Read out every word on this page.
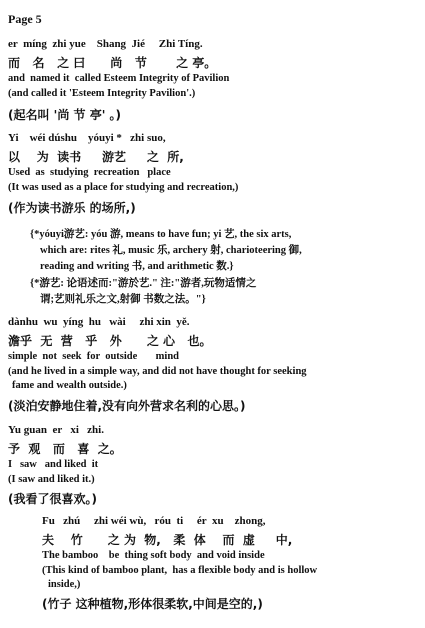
Page 5
er  míng  zhi yue    Shang  Jié     Zhi Tíng.
而   名   之 曰      尚   节       之 亭。
and  named it  called Esteem Integrity of Pavilion
(and called it 'Esteem Integrity Pavilion'.)
(起名叫 '尚 节 亭' 。)
Yi    wéi dúshu    yóuyi *   zhi suo,
以    为  读书     游艺     之  所,
Used  as  studying  recreation   place
(It was used as a place for studying and recreation,)
(作为读书游乐 的场所,)
{*yóuyi游艺: yóu 游, means to have fun; yi 艺, the six arts,
which are: rites 礼, music 乐, archery 射, charioteering 御,
reading and writing 书, and arithmetic 数.}
{*游艺: 论语述而:"游於艺." 注:"游者,玩物适情之
谓;艺则礼乐之文,射御 书数之法。"}
dànhu  wu  yíng  hu   wài     zhi xin  yě.
澹乎  无  营   乎   外      之 心   也。
simple  not  seek  for  outside       mind
(and he lived in a simple way, and did not have thought for seeking
fame and wealth outside.)
(淡泊安静地住着,没有向外营求名利的心思。)
Yu guan  er   xi   zhi.
予  观   而   喜  之。
I   saw   and liked  it
(I saw and liked it.)
(我看了很喜欢。)
Fu   zhú     zhi wéi wù,   róu  ti     ér  xu    zhong,
夫    竹      之 为  物,   柔  体    而  虚     中,
The bamboo    be  thing soft body  and void inside
(This kind of bamboo plant,  has a flexible body and is hollow
inside,)
(竹子 这种植物,形体很柔软,中间是空的,)
